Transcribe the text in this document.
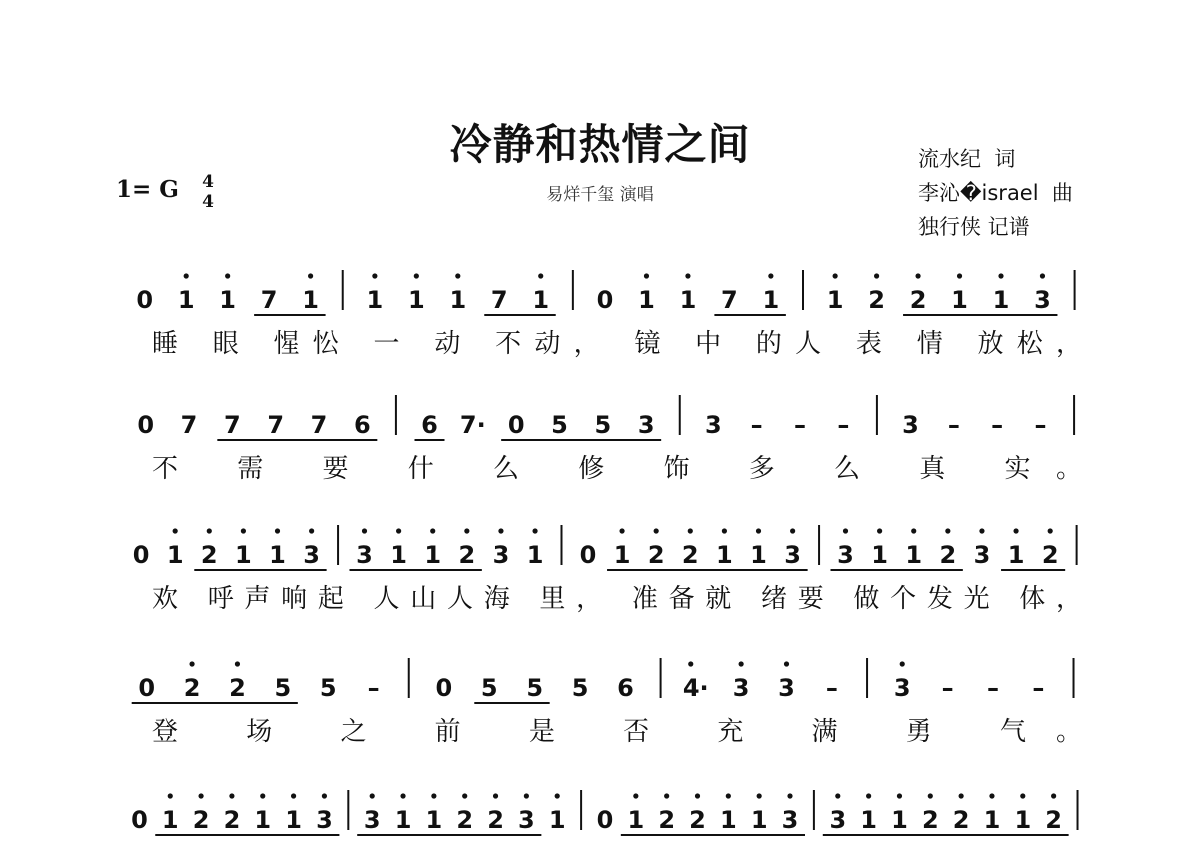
冷静和热情之间
易烊千玺 演唱
流水纪  词
李沁�israel  曲
独行侠 记谱
1= G 4
4
0 1 1 7 1 1 1 1 7 1 0 1 1 7 1 1 2 2 1 1 3
睡 眼 惺忪 一 动 不动， 镜 中 的人 表 情 放松，
0 7 7 7 7 6 6 7· 0 5 5 3 3 – – – 3 – – –
不 需 要 什 么 修 饰 多 么 真 实。
0 1 2 1 1 3 3 1 1 2 3 1 0 1 2 2 1 1 3 3 1 1 2 3 1 2
欢 呼声响起 人山人海 里， 准备就 绪要 做个发光 体，
0 2 2 5 5 – 0 5 5 5 6 4· 3 3 – 3 – – –
登 场 之 前 是 否 充 满 勇 气。
0 1 2 2 1 1 3 3 1 1 2 2 3 1 0 1 2 2 1 1 3 3 1 1 2 2 1 1 2
